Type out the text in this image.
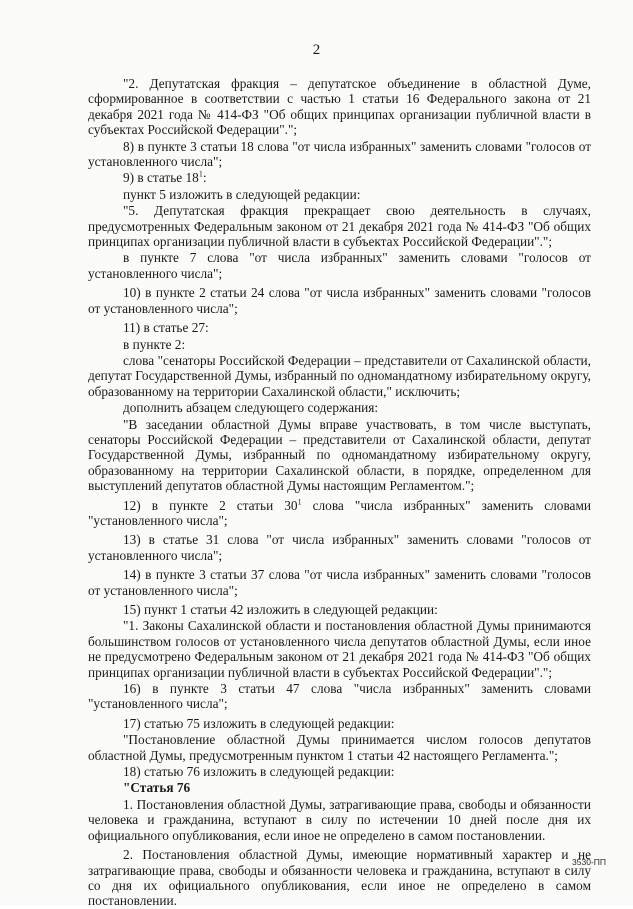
2

"2. Депутатская фракция – депутатское объединение в областной Думе, сформированное в соответствии с частью 1 статьи 16 Федерального закона от 21 декабря 2021 года № 414-ФЗ "Об общих принципах организации публичной власти в субъектах Российской Федерации".";

8) в пункте 3 статьи 18 слова "от числа избранных" заменить словами "голосов от установленного числа";

9) в статье $18^1$:

пункт 5 изложить в следующей редакции:

"5. Депутатская фракция прекращает свою деятельность в случаях, предусмотренных Федеральным законом от 21 декабря 2021 года № 414-ФЗ "Об общих принципах организации публичной власти в субъектах Российской Федерации".";

в пункте 7 слова "от числа избранных" заменить словами "голосов от установленного числа";

10) в пункте 2 статьи 24 слова "от числа избранных" заменить словами "голосов от установленного числа";

11) в статье 27:

в пункте 2:

слова "сенаторы Российской Федерации – представители от Сахалинской области, депутат Государственной Думы, избранный по одномандатному избирательному округу, образованному на территории Сахалинской области," исключить;

дополнить абзацем следующего содержания:

"В заседании областной Думы вправе участвовать, в том числе выступать, сенаторы Российской Федерации – представители от Сахалинской области, депутат Государственной Думы, избранный по одномандатному избирательному округу, образованному на территории Сахалинской области, в порядке, определенном для выступлений депутатов областной Думы настоящим Регламентом.";

12) в пункте 2 статьи $30^1$ слова "числа избранных" заменить словами "установленного числа";

13) в статье 31 слова "от числа избранных" заменить словами "голосов от установленного числа";

14) в пункте 3 статьи 37 слова "от числа избранных" заменить словами "голосов от установленного числа";

15) пункт 1 статьи 42 изложить в следующей редакции:

"1. Законы Сахалинской области и постановления областной Думы принимаются большинством голосов от установленного числа депутатов областной Думы, если иное не предусмотрено Федеральным законом от 21 декабря 2021 года № 414-ФЗ "Об общих принципах организации публичной власти в субъектах Российской Федерации".";

16) в пункте 3 статьи 47 слова "числа избранных" заменить словами "установленного числа";

17) статью 75 изложить в следующей редакции:

"Постановление областной Думы принимается числом голосов депутатов областной Думы, предусмотренным пунктом 1 статьи 42 настоящего Регламента.";

18) статью 76 изложить в следующей редакции:

"Статья 76

1. Постановления областной Думы, затрагивающие права, свободы и обязанности человека и гражданина, вступают в силу по истечении 10 дней после дня их официального опубликования, если иное не определено в самом постановлении.

2. Постановления областной Думы, имеющие нормативный характер и не затрагивающие права, свободы и обязанности человека и гражданина, вступают в силу со дня их официального опубликования, если иное не определено в самом постановлении.

3530-ПП
